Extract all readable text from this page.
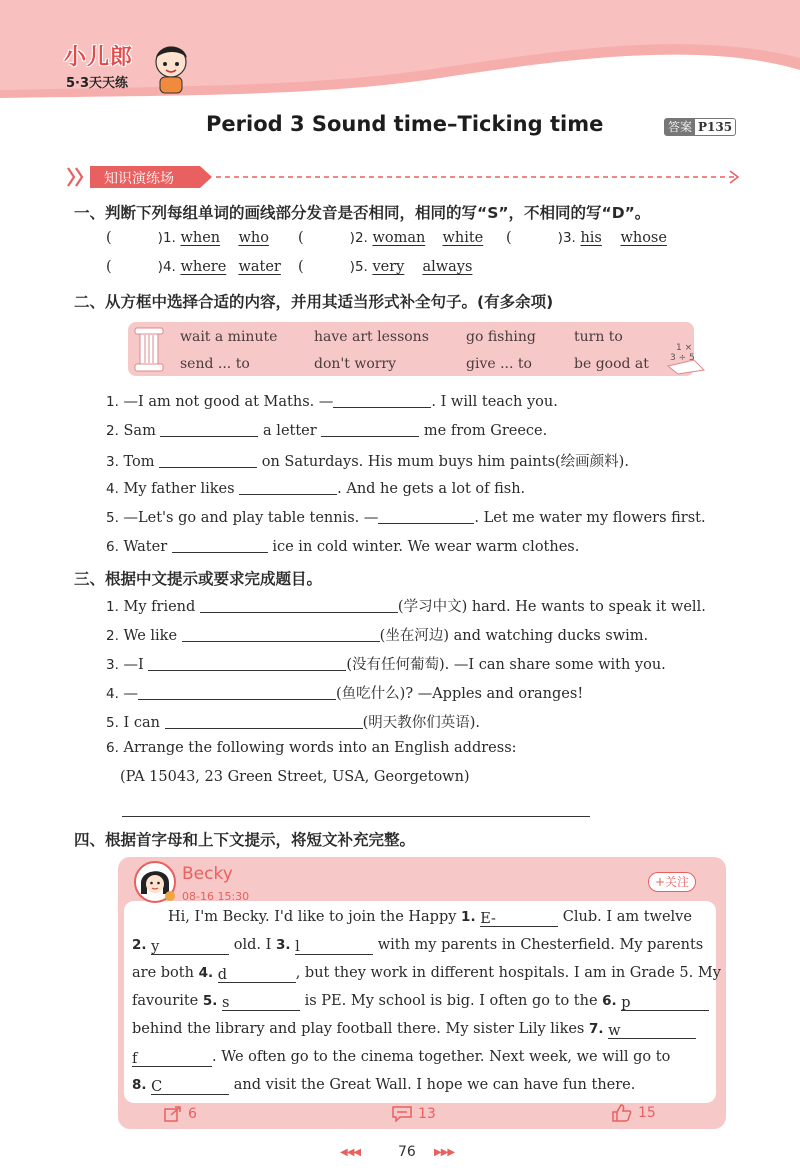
小儿郎
5·3天天练
Period 3 Sound time–Ticking time	答案 P135
知识演练场
一、判断下列每组单词的画线部分发音是否相同，相同的写“S”，不相同的写“D”。
(	)1. when who (	)2. woman white (	)3. his whose
(	)4. where water (	)5. very always
二、从方框中选择合适的内容，并用其适当形式补全句子。(有多余项)
wait a minute	have art lessons	go fishing	turn to
send ... to	don't worry	give ... to	be good at
1 ×
3 ÷ 5
1. —I am not good at Maths. —	. I will teach you.
2. Sam	a letter	me from Greece.
3. Tom	on Saturdays. His mum buys him paints(绘画颜料).
4. My father likes	. And he gets a lot of fish.
5. —Let's go and play table tennis. —	. Let me water my flowers first.
6. Water	ice in cold winter. We wear warm clothes.
三、根据中文提示或要求完成题目。
1. My friend	(学习中文) hard. He wants to speak it well.
2. We like	(坐在河边) and watching ducks swim.
3. —I	(没有任何葡萄). —I can share some with you.
4. —	(鱼吃什么)? —Apples and oranges!
5. I can	(明天教你们英语).
6. Arrange the following words into an English address:
(PA 15043, 23 Green Street, USA, Georgetown)
四、根据首字母和上下文提示，将短文补充完整。
Becky
08-16 15:30
+关注
Hi, I'm Becky. I'd like to join the Happy 1. E-	Club. I am twelve
2. y	old. I 3. l	with my parents in Chesterfield. My parents
are both 4. d	, but they work in different hospitals. I am in Grade 5. My
favourite 5. s	is PE. My school is big. I often go to the 6. p
behind the library and play football there. My sister Lily likes 7. w
f	. We often go to the cinema together. Next week, we will go to
8. C	and visit the Great Wall. I hope we can have fun there.
6	13	15
◀◀◀	76 ▶▶▶
